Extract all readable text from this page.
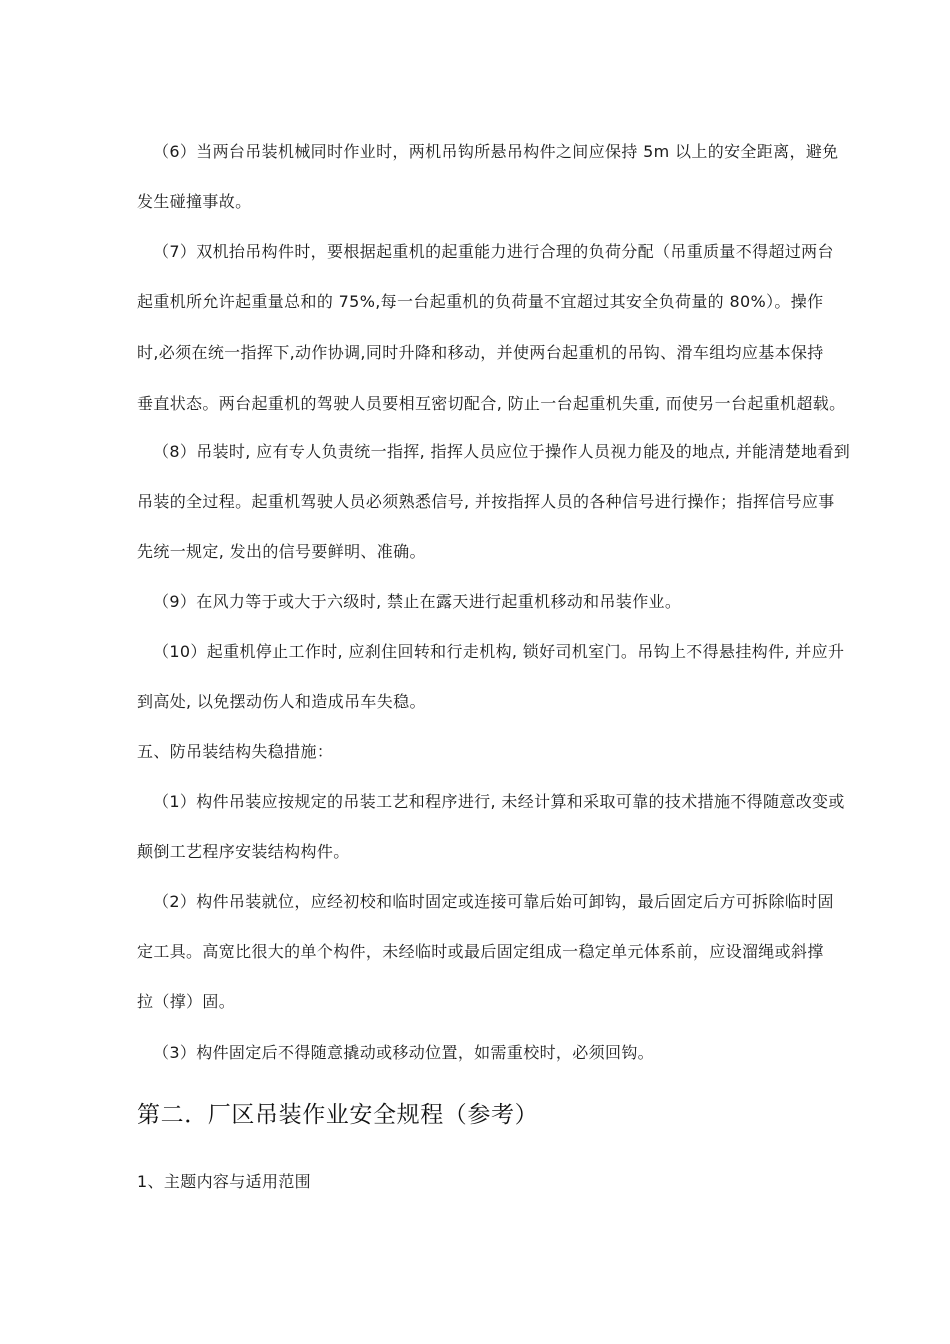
（6）当两台吊装机械同时作业时，两机吊钩所悬吊构件之间应保持 5m 以上的安全距离，避免
发生碰撞事故。
（7）双机抬吊构件时，要根据起重机的起重能力进行合理的负荷分配（吊重质量不得超过两台
起重机所允许起重量总和的 75%,每一台起重机的负荷量不宜超过其安全负荷量的 80%）。操作
时,必须在统一指挥下,动作协调,同时升降和移动，并使两台起重机的吊钩、滑车组均应基本保持
垂直状态。两台起重机的驾驶人员要相互密切配合, 防止一台起重机失重, 而使另一台起重机超载。
（8）吊装时, 应有专人负责统一指挥, 指挥人员应位于操作人员视力能及的地点, 并能清楚地看到
吊装的全过程。起重机驾驶人员必须熟悉信号, 并按指挥人员的各种信号进行操作；指挥信号应事
先统一规定, 发出的信号要鲜明、准确。
（9）在风力等于或大于六级时, 禁止在露天进行起重机移动和吊装作业。
（10）起重机停止工作时, 应刹住回转和行走机构, 锁好司机室门。吊钩上不得悬挂构件, 并应升
到高处, 以免摆动伤人和造成吊车失稳。
五、防吊装结构失稳措施：
（1）构件吊装应按规定的吊装工艺和程序进行, 未经计算和采取可靠的技术措施不得随意改变或
颠倒工艺程序安装结构构件。
（2）构件吊装就位，应经初校和临时固定或连接可靠后始可卸钩，最后固定后方可拆除临时固
定工具。高宽比很大的单个构件，未经临时或最后固定组成一稳定单元体系前，应设溜绳或斜撑
拉（撑）固。
（3）构件固定后不得随意撬动或移动位置，如需重校时，必须回钩。
第二．厂区吊装作业安全规程（参考）
1、主题内容与适用范围
